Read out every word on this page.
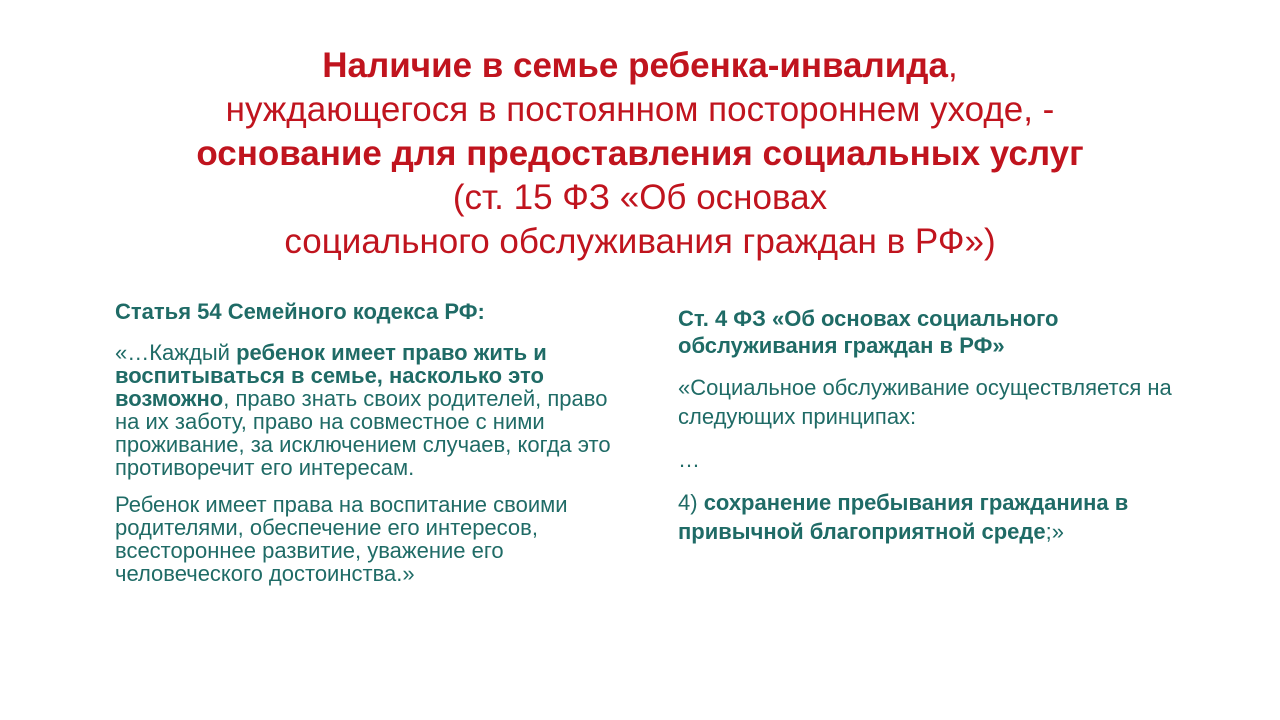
Наличие в семье ребенка-инвалида,
нуждающегося в постоянном постороннем уходе, -
основание для предоставления социальных услуг
(ст. 15 ФЗ «Об основах
социального обслуживания граждан в РФ»)
Статья 54 Семейного кодекса РФ:

«…Каждый ребенок имеет право жить и воспитываться в семье, насколько это возможно, право знать своих родителей, право на их заботу, право на совместное с ними проживание, за исключением случаев, когда это противоречит его интересам.

Ребенок имеет права на воспитание своими родителями, обеспечение его интересов, всестороннее развитие, уважение его человеческого достоинства.»

Ст. 4 ФЗ «Об основах социального обслуживания граждан в РФ»

«Социальное обслуживание осуществляется на следующих принципах:

…

4) сохранение пребывания гражданина в привычной благоприятной среде;»
